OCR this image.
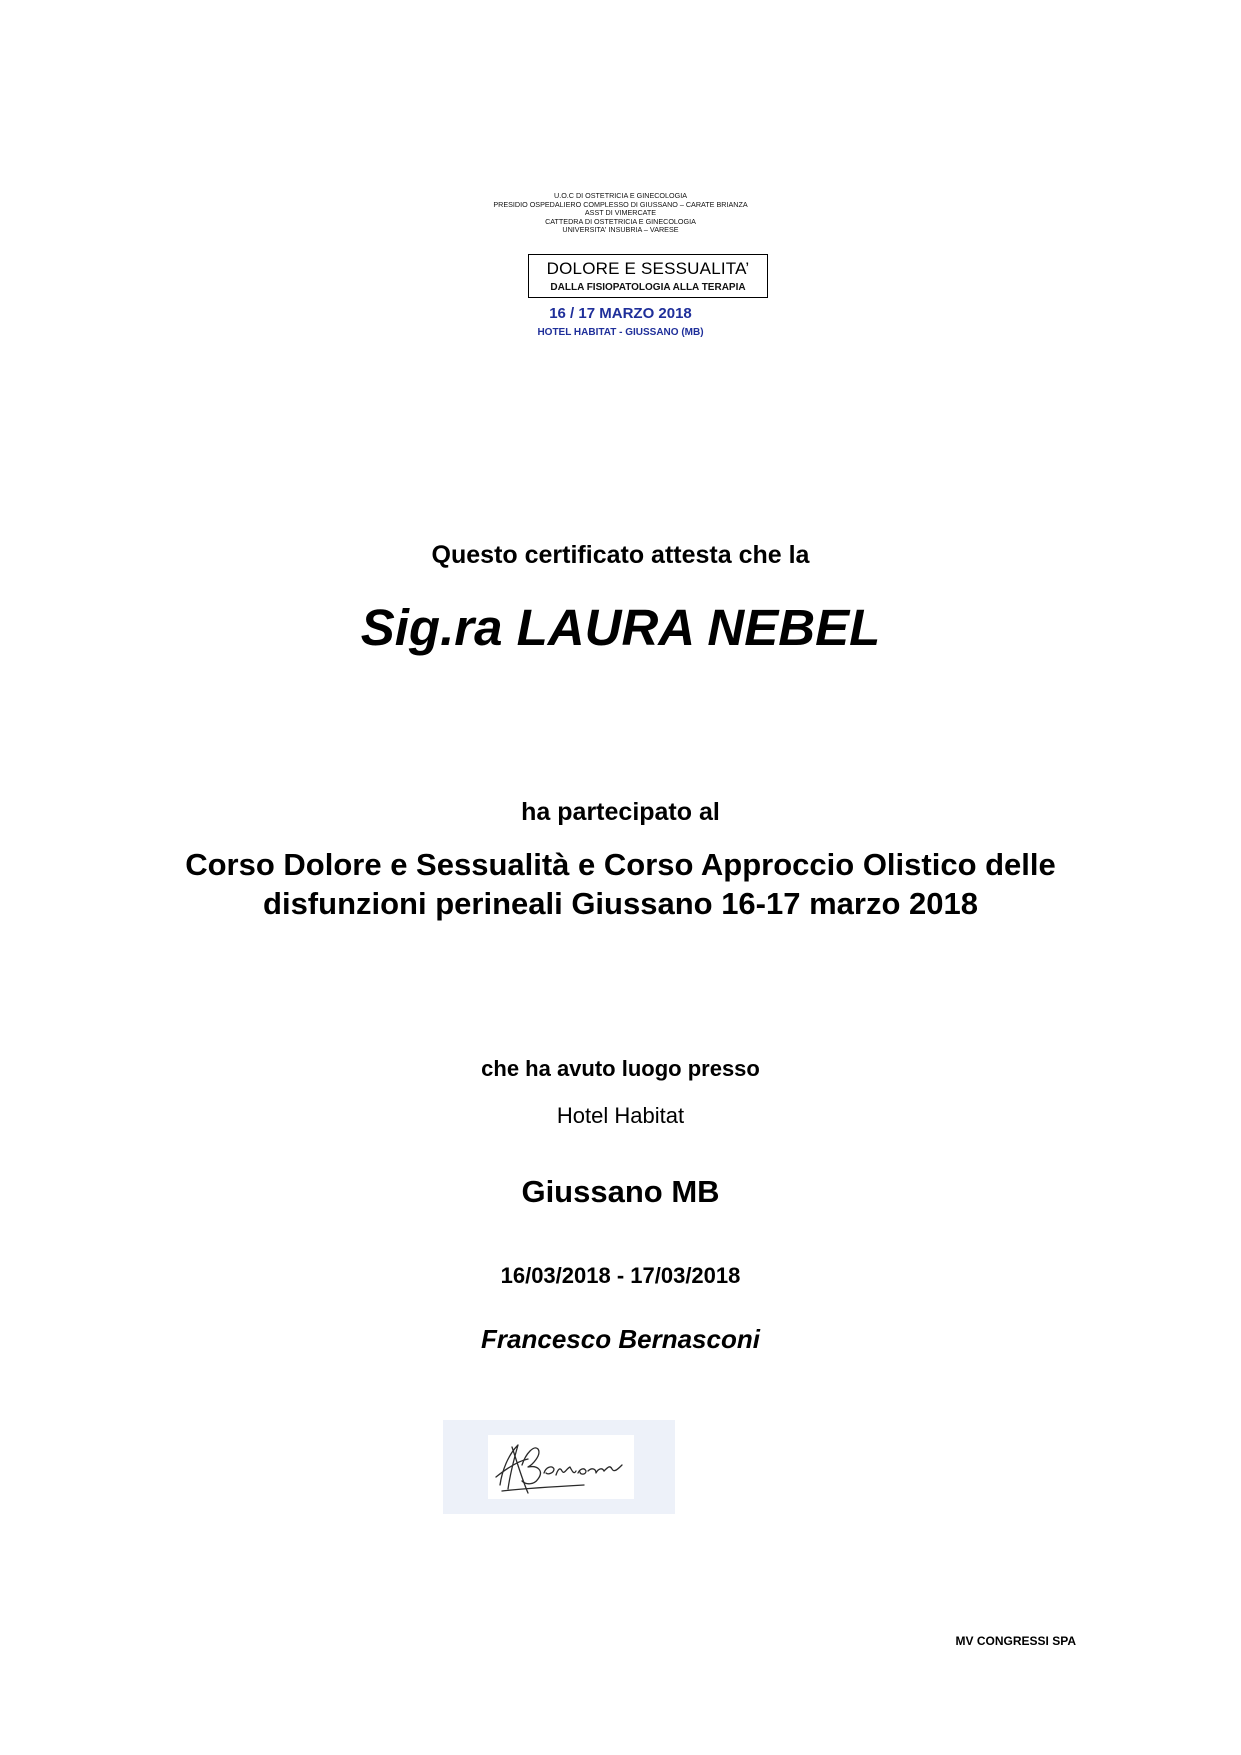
U.O.C DI OSTETRICIA E GINECOLOGIA
PRESIDIO OSPEDALIERO COMPLESSO DI GIUSSANO – CARATE BRIANZA
ASST DI VIMERCATE
CATTEDRA DI OSTETRICIA E GINECOLOGIA
UNIVERSITA' INSUBRIA – VARESE
DOLORE E SESSUALITA’
DALLA FISIOPATOLOGIA ALLA TERAPIA
16 / 17 MARZO 2018
HOTEL HABITAT - GIUSSANO (MB)
Questo certificato attesta che la
Sig.ra LAURA NEBEL
ha partecipato al
Corso Dolore e Sessualità e Corso Approccio Olistico delle
disfunzioni perineali Giussano 16-17 marzo 2018
che ha avuto luogo presso
Hotel Habitat
Giussano MB
16/03/2018 - 17/03/2018
Francesco Bernasconi
MV CONGRESSI SPA
